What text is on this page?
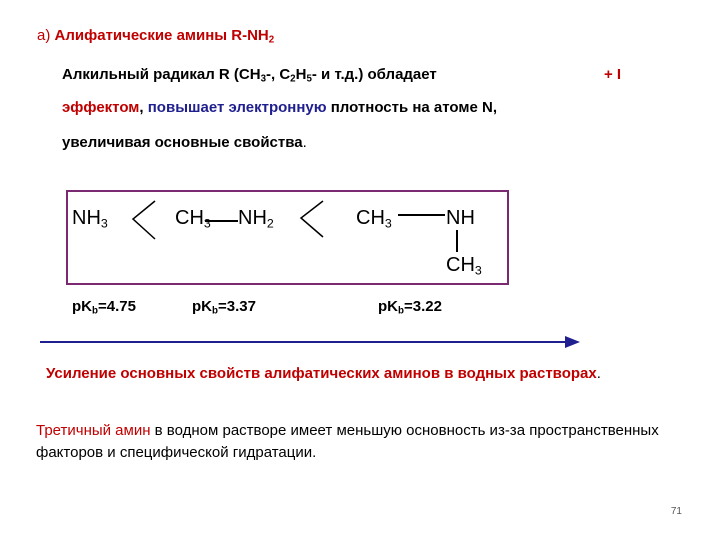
a) Алифатические амины $R-NH_2$
Алкильный радикал R ($CH_3-$, $C_2H_5-$ и т.д.) обладает	+ I
эффектом, повышает электронную плотность на атоме N,
увеличивая основные свойства.
NH3	CH3 NH2	CH3	NH
CH3
$pK_b=4.75$	$pK_b=3.37$	$pK_b=3.22$
Усиление основных свойств алифатических аминов в водных растворах.
Третичный амин в водном растворе имеет меньшую основность из-за пространственных факторов и специфической гидратации.
71
